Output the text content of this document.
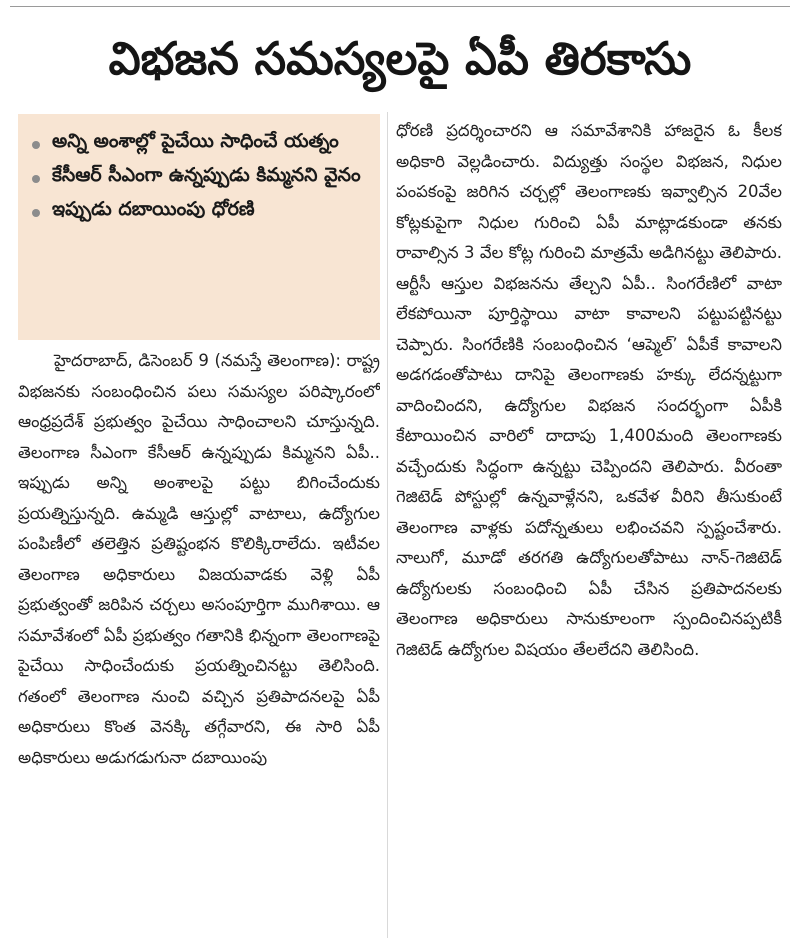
విభజన సమస్యలపై ఏపీ తిరకాసు
అన్ని అంశాల్లో పైచేయి సాధించే యత్నం
కేసీఆర్ సీఎంగా ఉన్నప్పుడు కిమ్మనని వైనం
ఇప్పుడు దబాయింపు ధోరణి
హైదరాబాద్, డిసెంబర్ 9 (నమస్తే తెలంగాణ): రాష్ట్ర విభజనకు సంబంధించిన పలు సమస్యల పరిష్కారంలో ఆంధ్రప్రదేశ్ ప్రభుత్వం పైచేయి సాధించాలని చూస్తున్నది. తెలంగాణ సీఎంగా కేసీఆర్ ఉన్నప్పుడు కిమ్మనని ఏపీ.. ఇప్పుడు అన్ని అంశాలపై పట్టు బిగించేందుకు ప్రయత్నిస్తున్నది. ఉమ్మడి ఆస్తుల్లో వాటాలు, ఉద్యోగుల పంపిణీలో తలెత్తిన ప్రతిష్టంభన కొలిక్కిరాలేదు. ఇటీవల తెలంగాణ అధికారులు విజయవాడకు వెళ్లి ఏపీ ప్రభుత్వంతో జరిపిన చర్చలు అసంపూర్తిగా ముగిశాయి. ఆ సమావేశంలో ఏపీ ప్రభుత్వం గతానికి భిన్నంగా తెలంగాణపై పైచేయి సాధించేందుకు ప్రయత్నించినట్టు తెలిసింది. గతంలో తెలంగాణ నుంచి వచ్చిన ప్రతిపాదనలపై ఏపీ అధికారులు కొంత వెనక్కి తగ్గేవారని, ఈ సారి ఏపీ అధికారులు అడుగడుగునా దబాయింపు
ధోరణి ప్రదర్శించారని ఆ సమావేశానికి హాజరైన ఓ కీలక అధికారి వెల్లడించారు. విద్యుత్తు సంస్థల విభజన, నిధుల పంపకంపై జరిగిన చర్చల్లో తెలంగాణకు ఇవ్వాల్సిన 20వేల కోట్లకుపైగా నిధుల గురించి ఏపీ మాట్లాడకుండా తనకు రావాల్సిన 3 వేల కోట్ల గురించి మాత్రమే అడిగినట్టు తెలిపారు. ఆర్టీసీ ఆస్తుల విభజనను తేల్చని ఏపీ.. సింగరేణిలో వాటా లేకపోయినా పూర్తిస్థాయి వాటా కావాలని పట్టుపట్టినట్టు చెప్పారు. సింగరేణికి సంబంధించిన ‘ఆప్మెల్’ ఏపీకే కావాలని అడగడంతోపాటు దానిపై తెలంగాణకు హక్కు లేదన్నట్టుగా వాదించిందని, ఉద్యోగుల విభజన సందర్భంగా ఏపీకి కేటాయించిన వారిలో దాదాపు 1,400మంది తెలంగాణకు వచ్చేందుకు సిద్ధంగా ఉన్నట్టు చెప్పిందని తెలిపారు. వీరంతా గెజిటెడ్ పోస్టుల్లో ఉన్నవాళ్లేనని, ఒకవేళ వీరిని తీసుకుంటే తెలంగాణ వాళ్లకు పదోన్నతులు లభించవని స్పష్టంచేశారు. నాలుగో, మూడో తరగతి ఉద్యోగులతోపాటు నాన్-గెజిటెడ్ ఉద్యోగులకు సంబంధించి ఏపీ చేసిన ప్రతిపాదనలకు తెలంగాణ అధికారులు సానుకూలంగా స్పందించినప్పటికీ గెజిటెడ్ ఉద్యోగుల విషయం తేలలేదని తెలిసింది.
